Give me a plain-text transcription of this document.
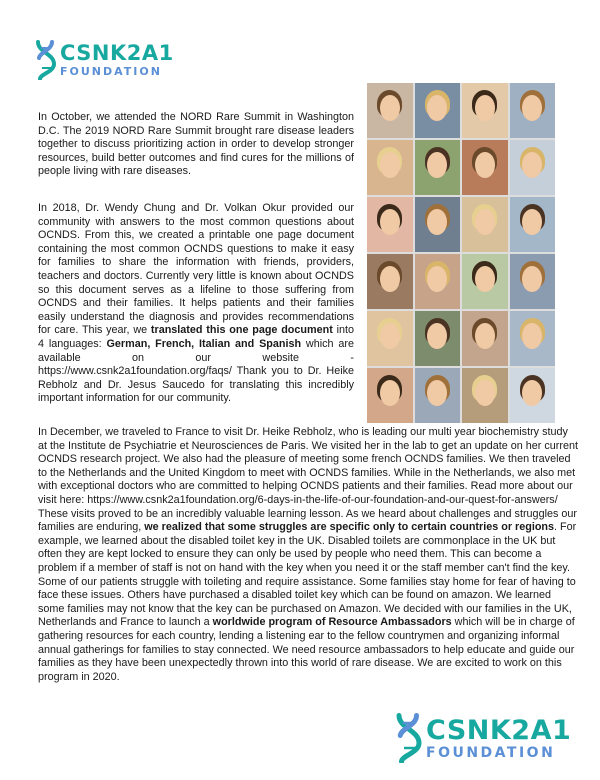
CSNK2A1
FOUNDATION

In October, we attended the NORD Rare Summit in Washington D.C. The 2019 NORD Rare Summit brought rare disease leaders together to discuss prioritizing action in order to develop stronger resources, build better outcomes and find cures for the millions of people living with rare diseases.

In 2018, Dr. Wendy Chung and Dr. Volkan Okur provided our community with answers to the most common questions about OCNDS. From this, we created a printable one page document containing the most common OCNDS questions to make it easy for families to share the information with friends, providers, teachers and doctors. Currently very little is known about OCNDS so this document serves as a lifeline to those suffering from OCNDS and their families. It helps patients and their families easily understand the diagnosis and provides recommendations for care. This year, we translated this one page document into 4 languages: German, French, Italian and Spanish which are available on our website - https://www.csnk2a1foundation.org/faqs/ Thank you to Dr. Heike Rebholz and Dr. Jesus Saucedo for translating this incredibly important information for our community.

In December, we traveled to France to visit Dr. Heike Rebholz, who is leading our multi year biochemistry study at the Institute de Psychiatrie et Neurosciences de Paris. We visited her in the lab to get an update on her current OCNDS research project. We also had the pleasure of meeting some french OCNDS families. We then traveled to the Netherlands and the United Kingdom to meet with OCNDS families. While in the Netherlands, we also met with exceptional doctors who are committed to helping OCNDS patients and their families. Read more about our visit here: https://www.csnk2a1foundation.org/6-days-in-the-life-of-our-foundation-and-our-quest-for-answers/ These visits proved to be an incredibly valuable learning lesson. As we heard about challenges and struggles our families are enduring, we realized that some struggles are specific only to certain countries or regions. For example, we learned about the disabled toilet key in the UK. Disabled toilets are commonplace in the UK but often they are kept locked to ensure they can only be used by people who need them. This can become a problem if a member of staff is not on hand with the key when you need it or the staff member can't find the key. Some of our patients struggle with toileting and require assistance. Some families stay home for fear of having to face these issues. Others have purchased a disabled toilet key which can be found on amazon. We learned some families may not know that the key can be purchased on Amazon. We decided with our families in the UK, Netherlands and France to launch a worldwide program of Resource Ambassadors which will be in charge of gathering resources for each country, lending a listening ear to the fellow countrymen and organizing informal annual gatherings for families to stay connected. We need resource ambassadors to help educate and guide our families as they have been unexpectedly thrown into this world of rare disease. We are excited to work on this program in 2020.

CSNK2A1
FOUNDATION
